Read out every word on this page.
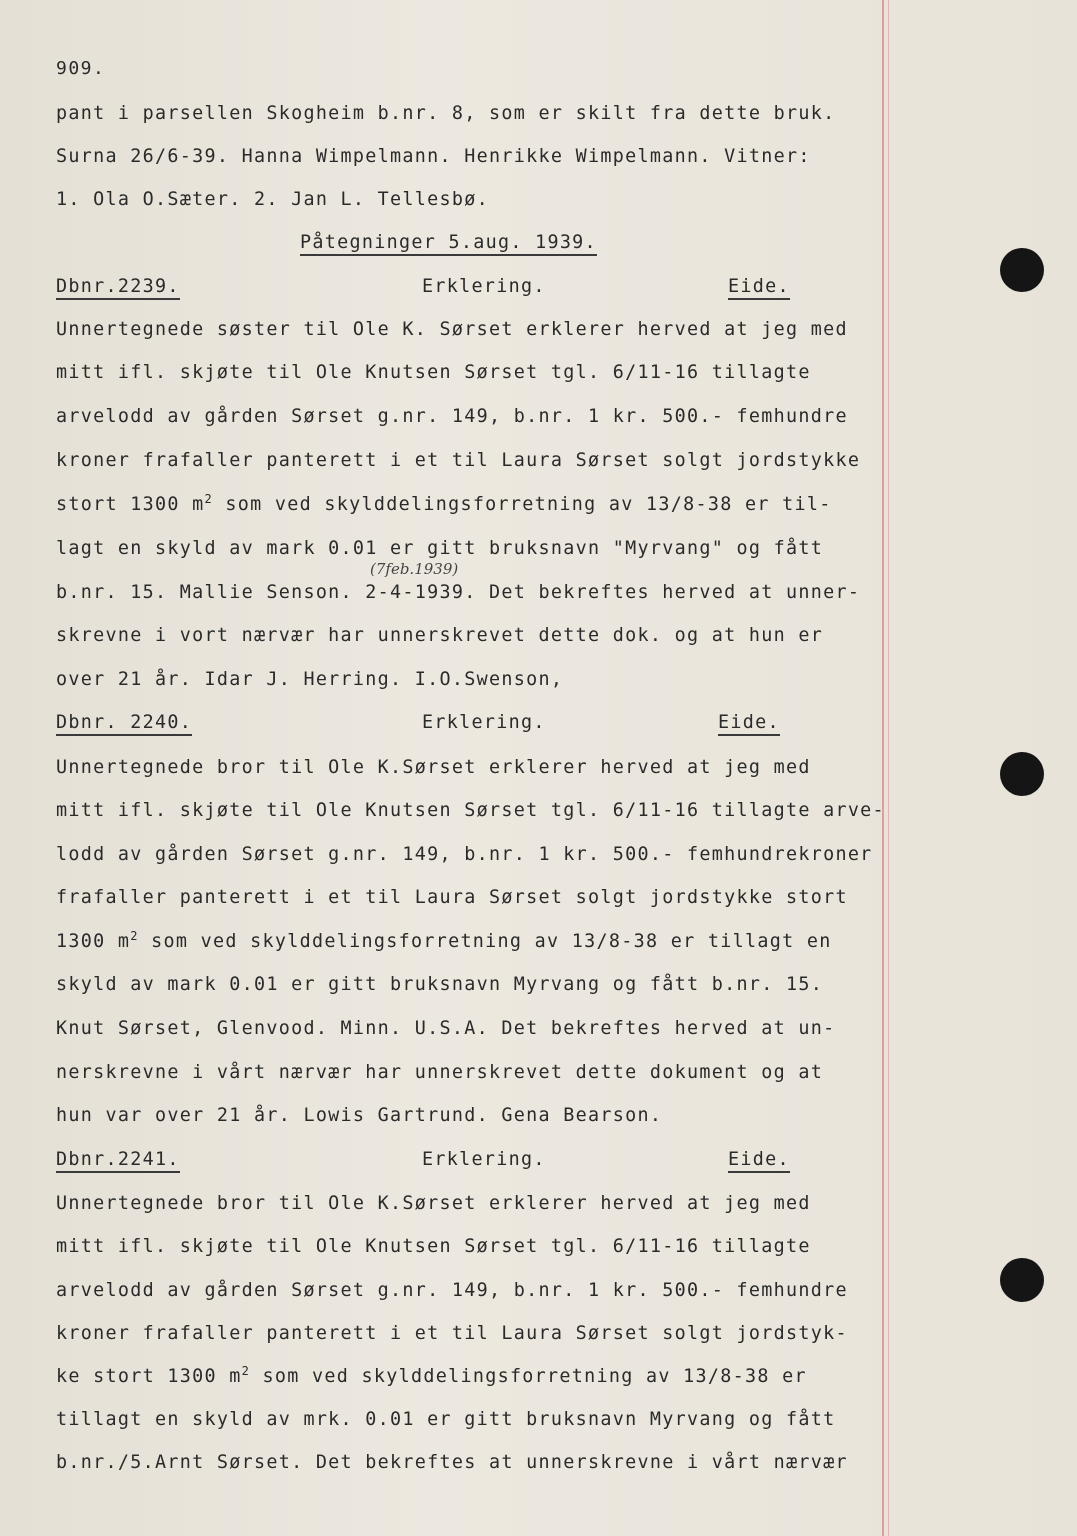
909.
pant i parsellen Skogheim b.nr. 8, som er skilt fra dette bruk.
Surna 26/6-39. Hanna Wimpelmann. Henrikke Wimpelmann. Vitner:
1. Ola O.Sæter. 2. Jan L. Tellesbø.
Påtegninger 5.aug. 1939.
Dbnr.2239.	Erklering.	Eide.
Unnertegnede søster til Ole K. Sørset erklerer herved at jeg med
mitt ifl. skjøte til Ole Knutsen Sørset tgl. 6/11-16 tillagte
arvelodd av gården Sørset g.nr. 149, b.nr. 1 kr. 500.- femhundre
kroner frafaller panterett i et til Laura Sørset solgt jordstykke
stort 1300 $m^2$ som ved skylddelingsforretning av 13/8-38 er til-
lagt en skyld av mark 0.01 er gitt bruksnavn "Myrvang" og fått
(7feb.1939)
b.nr. 15. Mallie Senson. 2-4-1939. Det bekreftes herved at unner-
skrevne i vort nærvær har unnerskrevet dette dok. og at hun er
over 21 år. Idar J. Herring. I.O.Swenson,
Dbnr. 2240.	Erklering.	Eide.
Unnertegnede bror til Ole K.Sørset erklerer herved at jeg med
mitt ifl. skjøte til Ole Knutsen Sørset tgl. 6/11-16 tillagte arve-
lodd av gården Sørset g.nr. 149, b.nr. 1 kr. 500.- femhundrekroner
frafaller panterett i et til Laura Sørset solgt jordstykke stort
1300 $m^2$ som ved skylddelingsforretning av 13/8-38 er tillagt en
skyld av mark 0.01 er gitt bruksnavn Myrvang og fått b.nr. 15.
Knut Sørset, Glenvood. Minn. U.S.A. Det bekreftes herved at un-
nerskrevne i vårt nærvær har unnerskrevet dette dokument og at
hun var over 21 år. Lowis Gartrund. Gena Bearson.
Dbnr.2241.	Erklering.	Eide.
Unnertegnede bror til Ole K.Sørset erklerer herved at jeg med
mitt ifl. skjøte til Ole Knutsen Sørset tgl. 6/11-16 tillagte
arvelodd av gården Sørset g.nr. 149, b.nr. 1 kr. 500.- femhundre
kroner frafaller panterett i et til Laura Sørset solgt jordstyk-
ke stort 1300 $m^2$ som ved skylddelingsforretning av 13/8-38 er
tillagt en skyld av mrk. 0.01 er gitt bruksnavn Myrvang og fått
b.nr./5.Arnt Sørset. Det bekreftes at unnerskrevne i vårt nærvær
